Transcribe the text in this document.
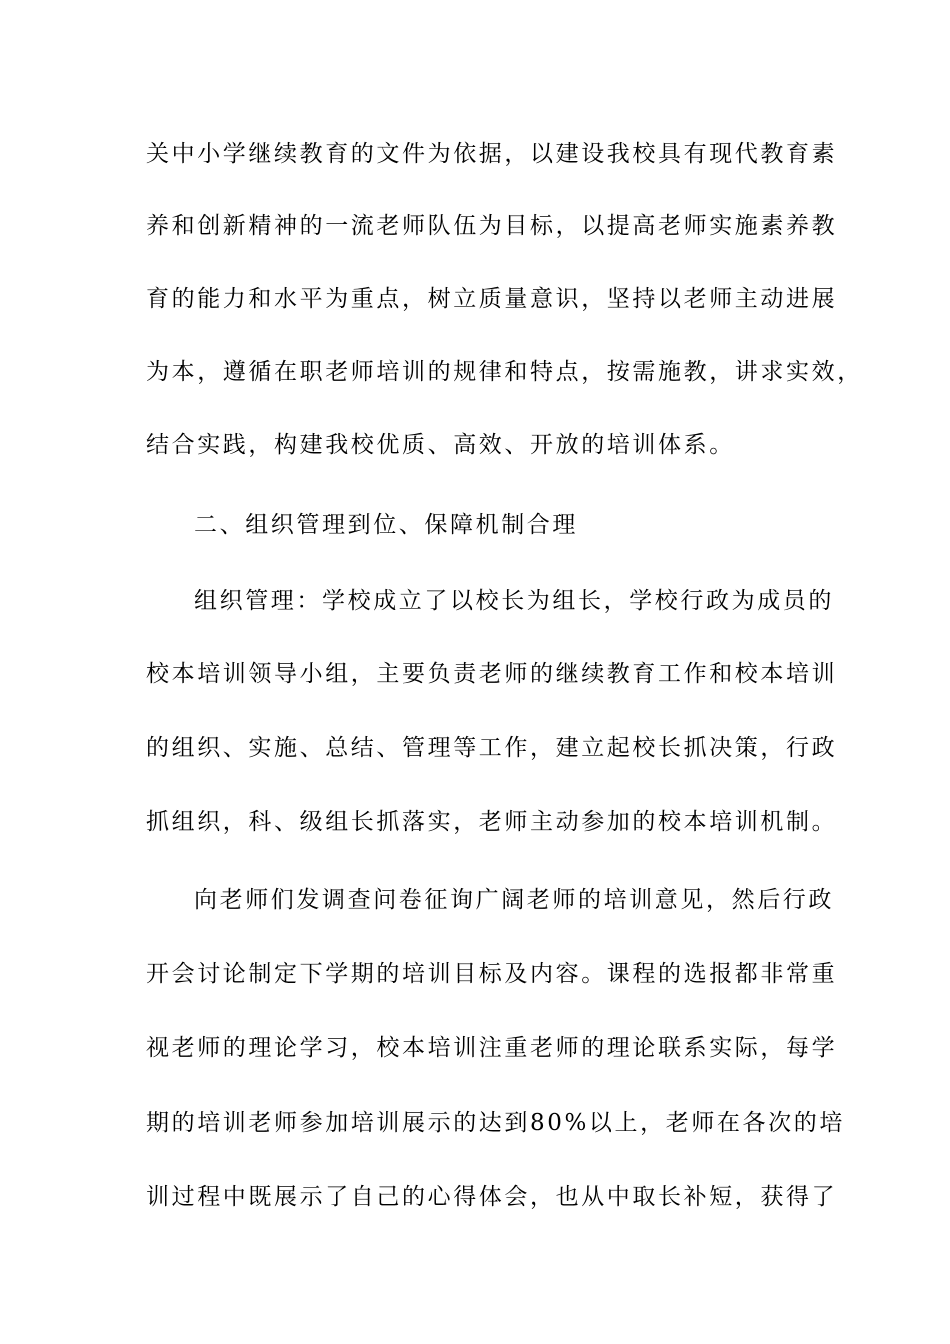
关中小学继续教育的文件为依据，以建设我校具有现代教育素
养和创新精神的一流老师队伍为目标，以提高老师实施素养教
育的能力和水平为重点，树立质量意识，坚持以老师主动进展
为本，遵循在职老师培训的规律和特点，按需施教，讲求实效，
结合实践，构建我校优质、高效、开放的培训体系。
二、组织管理到位、保障机制合理
组织管理：学校成立了以校长为组长，学校行政为成员的
校本培训领导小组，主要负责老师的继续教育工作和校本培训
的组织、实施、总结、管理等工作，建立起校长抓决策，行政
抓组织，科、级组长抓落实，老师主动参加的校本培训机制。
向老师们发调查问卷征询广阔老师的培训意见，然后行政
开会讨论制定下学期的培训目标及内容。课程的选报都非常重
视老师的理论学习，校本培训注重老师的理论联系实际，每学
期的培训老师参加培训展示的达到80%以上，老师在各次的培
训过程中既展示了自己的心得体会，也从中取长补短，获得了
